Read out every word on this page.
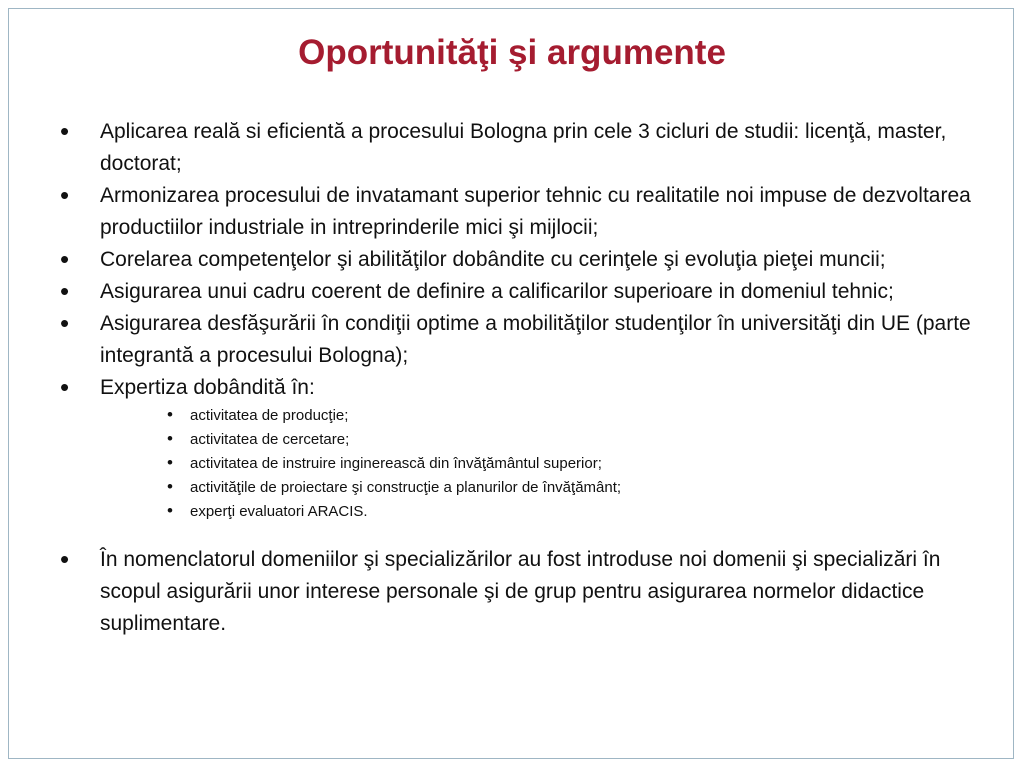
Oportunităţi şi argumente

•	Aplicarea reală si eficientă a procesului Bologna prin cele 3 cicluri de studii: licenţă, master, doctorat;

•	Armonizarea procesului de invatamant superior tehnic cu realitatile noi impuse de dezvoltarea productiilor industriale in intreprinderile mici şi mijlocii;

•	Corelarea competenţelor şi abilităţilor dobândite cu cerinţele şi evoluţia pieţei muncii;

•	Asigurarea unui cadru coerent de definire a calificarilor superioare in domeniul tehnic;

•	Asigurarea desfăşurării în condiţii optime a mobilităţilor studenţilor în universităţi din UE (parte integrantă a procesului Bologna);

•	Expertiza dobândită în:

• activitatea de producţie;
• activitatea de cercetare;
• activitatea de instruire inginerească din învăţământul superior;
• activităţile de proiectare şi construcţie a planurilor de învăţământ;
• experţi evaluatori ARACIS.

•	În nomenclatorul domeniilor şi specializărilor au fost introduse noi domenii şi specializări în scopul asigurării unor interese personale şi de grup pentru asigurarea normelor didactice suplimentare.
